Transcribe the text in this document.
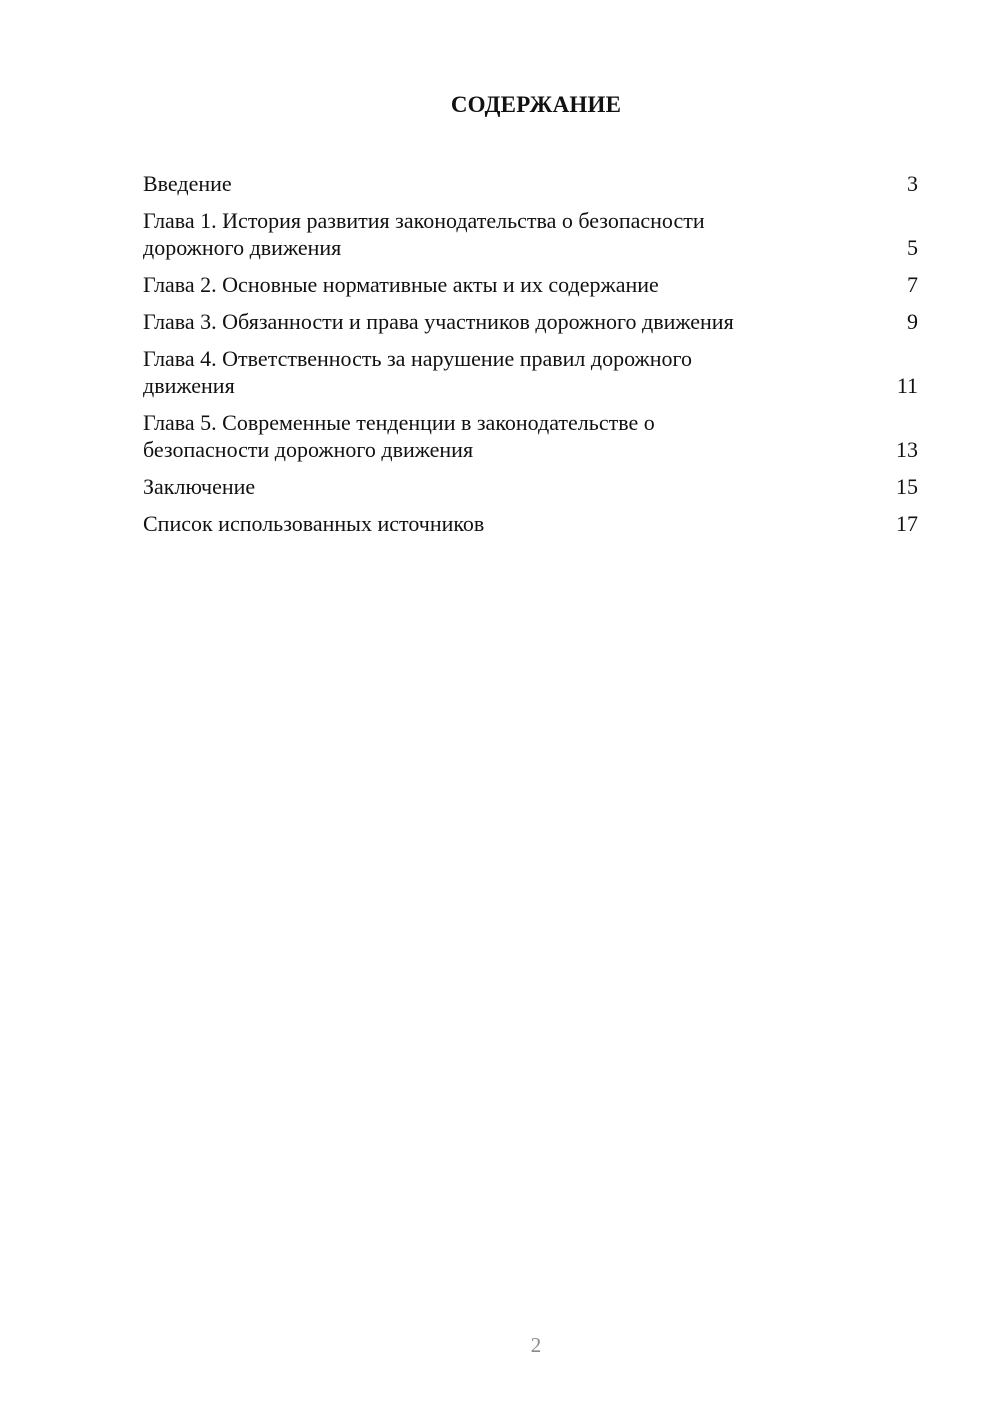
СОДЕРЖАНИЕ
Введение	3
Глава 1. История развития законодательства о безопасности
дорожного движения	5
Глава 2. Основные нормативные акты и их содержание	7
Глава 3. Обязанности и права участников дорожного движения	9
Глава 4. Ответственность за нарушение правил дорожного
движения	11
Глава 5. Современные тенденции в законодательстве о
безопасности дорожного движения	13
Заключение	15
Список использованных источников	17
2
